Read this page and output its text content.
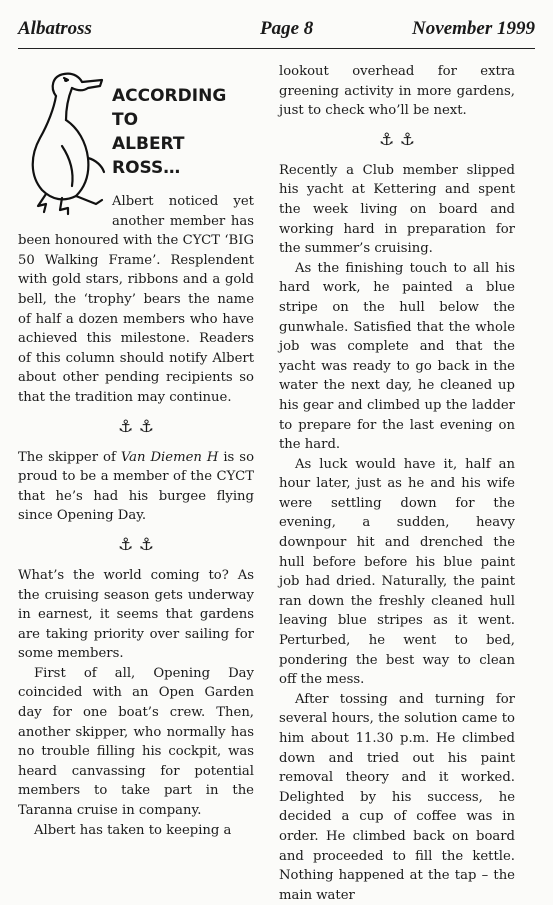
Albatross	Page 8	November 1999
ACCORDING TO
ALBERT ROSS…

Albert noticed yet another member has been honoured with the CYCT ‘BIG 50 Walking Frame’. Resplendent with gold stars, ribbons and a gold bell, the ‘trophy’ bears the name of half a dozen members who have achieved this milestone. Readers of this column should notify Albert about other pending recipients so that the tradition may continue.

⚓ ⚓

The skipper of Van Diemen H is so proud to be a member of the CYCT that he’s had his burgee flying since Opening Day.

⚓ ⚓

What’s the world coming to? As the cruising season gets underway in earnest, it seems that gardens are taking priority over sailing for some members.

First of all, Opening Day coincided with an Open Garden day for one boat’s crew. Then, another skipper, who normally has no trouble filling his cockpit, was heard canvassing for potential members to take part in the Taranna cruise in company.

Albert has taken to keeping a

lookout overhead for extra greening activity in more gardens, just to check who’ll be next.

⚓ ⚓

Recently a Club member slipped his yacht at Kettering and spent the week living on board and working hard in preparation for the summer’s cruising.

As the finishing touch to all his hard work, he painted a blue stripe on the hull below the gunwhale. Satisfied that the whole job was complete and that the yacht was ready to go back in the water the next day, he cleaned up his gear and climbed up the ladder to prepare for the last evening on the hard.

As luck would have it, half an hour later, just as he and his wife were settling down for the evening, a sudden, heavy downpour hit and drenched the hull before before his blue paint job had dried. Naturally, the paint ran down the freshly cleaned hull leaving blue stripes as it went. Perturbed, he went to bed, pondering the best way to clean off the mess.

After tossing and turning for several hours, the solution came to him about 11.30 p.m. He climbed down and tried out his paint removal theory and it worked. Delighted by his success, he decided a cup of coffee was in order. He climbed back on board and proceeded to fill the kettle. Nothing happened at the tap – the main water
